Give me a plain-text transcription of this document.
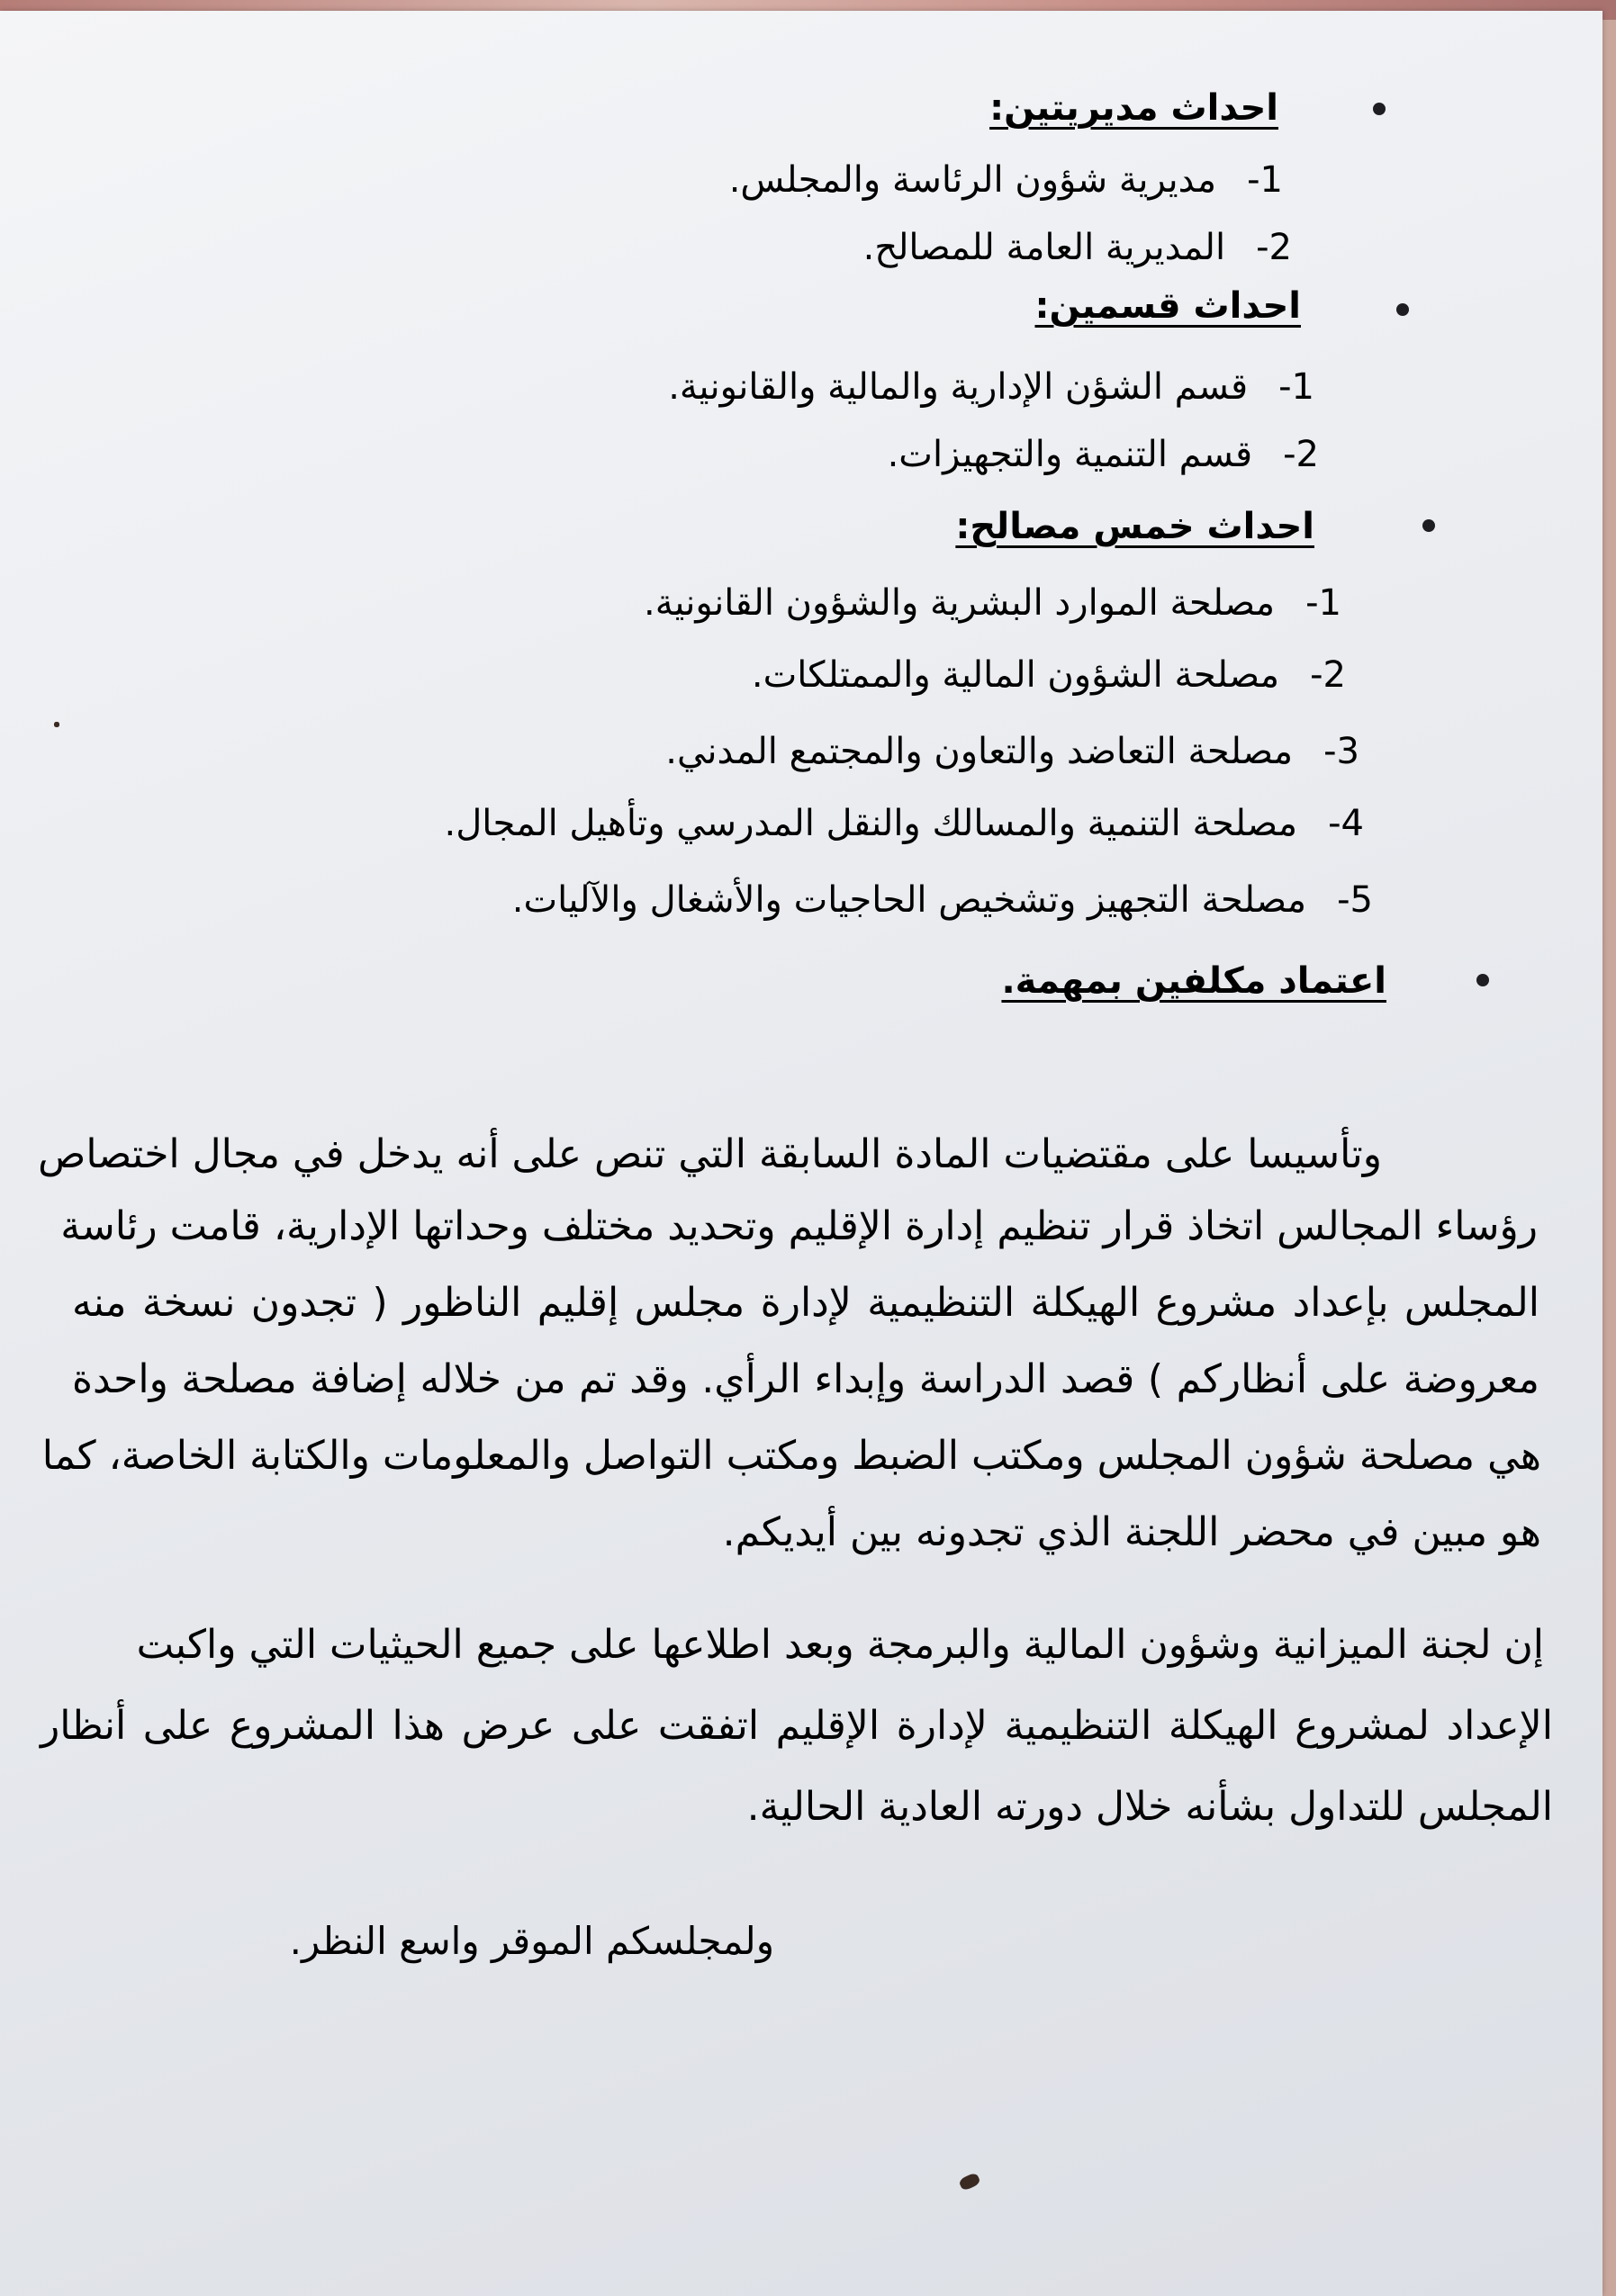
احداث مديريتين:
1-مديرية شؤون الرئاسة والمجلس.
2-المديرية العامة للمصالح.
احداث قسمين:
1-قسم الشؤن الإدارية والمالية والقانونية.
2-قسم التنمية والتجهيزات.
احداث خمس مصالح:
1-مصلحة الموارد البشرية والشؤون القانونية.
2-مصلحة الشؤون المالية والممتلكات.
3-مصلحة التعاضد والتعاون والمجتمع المدني.
4-مصلحة التنمية والمسالك والنقل المدرسي وتأهيل المجال.
5-مصلحة التجهيز وتشخيص الحاجيات والأشغال والآليات.
اعتماد مكلفين بمهمة.
وتأسيسا على مقتضيات المادة السابقة التي تنص على أنه يدخل في مجال اختصاص
رؤساء المجالس اتخاذ قرار تنظيم إدارة الإقليم وتحديد مختلف وحداتها الإدارية، قامت رئاسة
المجلس بإعداد مشروع الهيكلة التنظيمية لإدارة مجلس إقليم الناظور ( تجدون نسخة منه
معروضة على أنظاركم ) قصد الدراسة وإبداء الرأي. وقد تم من خلاله إضافة مصلحة واحدة
هي مصلحة شؤون المجلس ومكتب الضبط ومكتب التواصل والمعلومات والكتابة الخاصة، كما
هو مبين في محضر اللجنة الذي تجدونه بين أيديكم.
إن لجنة الميزانية وشؤون المالية والبرمجة وبعد اطلاعها على جميع الحيثيات التي واكبت
الإعداد لمشروع الهيكلة التنظيمية لإدارة الإقليم اتفقت على عرض هذا المشروع على أنظار
المجلس للتداول بشأنه خلال دورته العادية الحالية.
ولمجلسكم الموقر واسع النظر.
